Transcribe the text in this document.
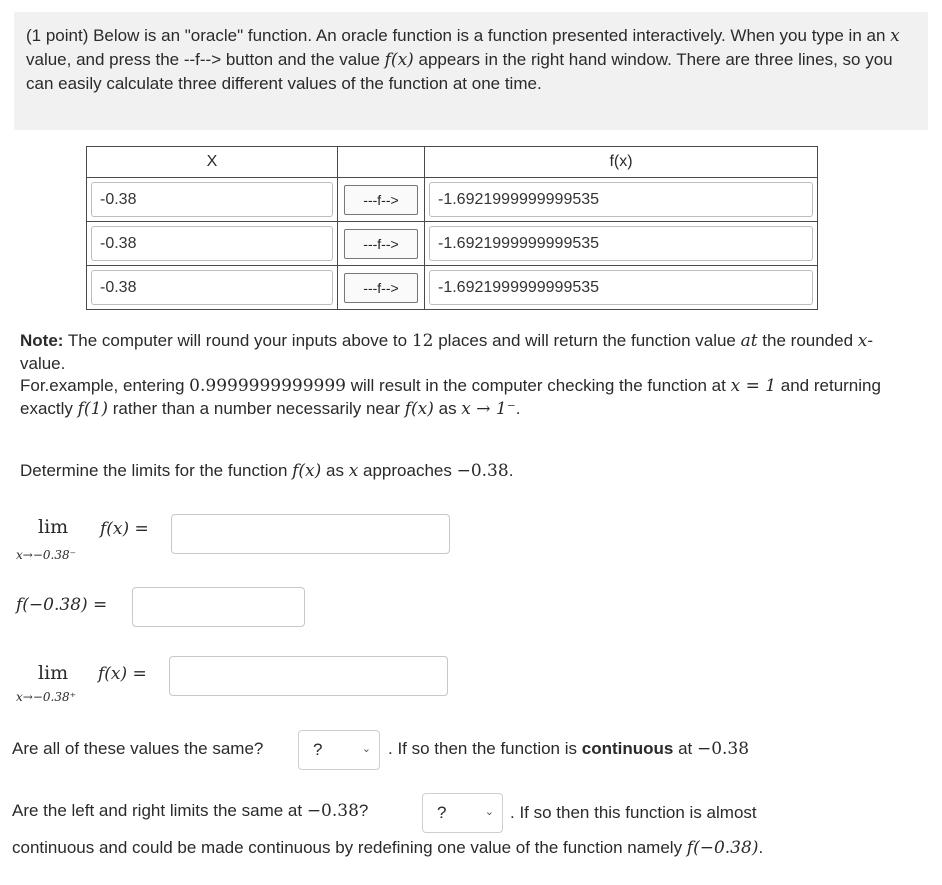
(1 point) Below is an "oracle" function. An oracle function is a function presented interactively. When you type in an x value, and press the --f--> button and the value f(x) appears in the right hand window. There are three lines, so you can easily calculate three different values of the function at one time.
X		f(x)

-0.38	---f-->	-1.6921999999999535

-0.38	---f-->	-1.6921999999999535

-0.38	---f-->	-1.6921999999999535
Note: The computer will round your inputs above to 12 places and will return the function value at the rounded x-value.
For.example, entering 0.9999999999999 will result in the computer checking the function at x = 1 and returning exactly f(1) rather than a number necessarily near f(x) as x → 1⁻.
Determine the limits for the function f(x) as x approaches −0.38.
lim
x→−0.38⁻
f(x) =
f(−0.38) =
lim
x→−0.38⁺
f(x) =
Are all of these values the same?	?	⌄ . If so then the function is continuous at −0.38
Are the left and right limits the same at −0.38?	?	⌄ . If so then this function is almost
continuous and could be made continuous by redefining one value of the function namely f(−0.38).
